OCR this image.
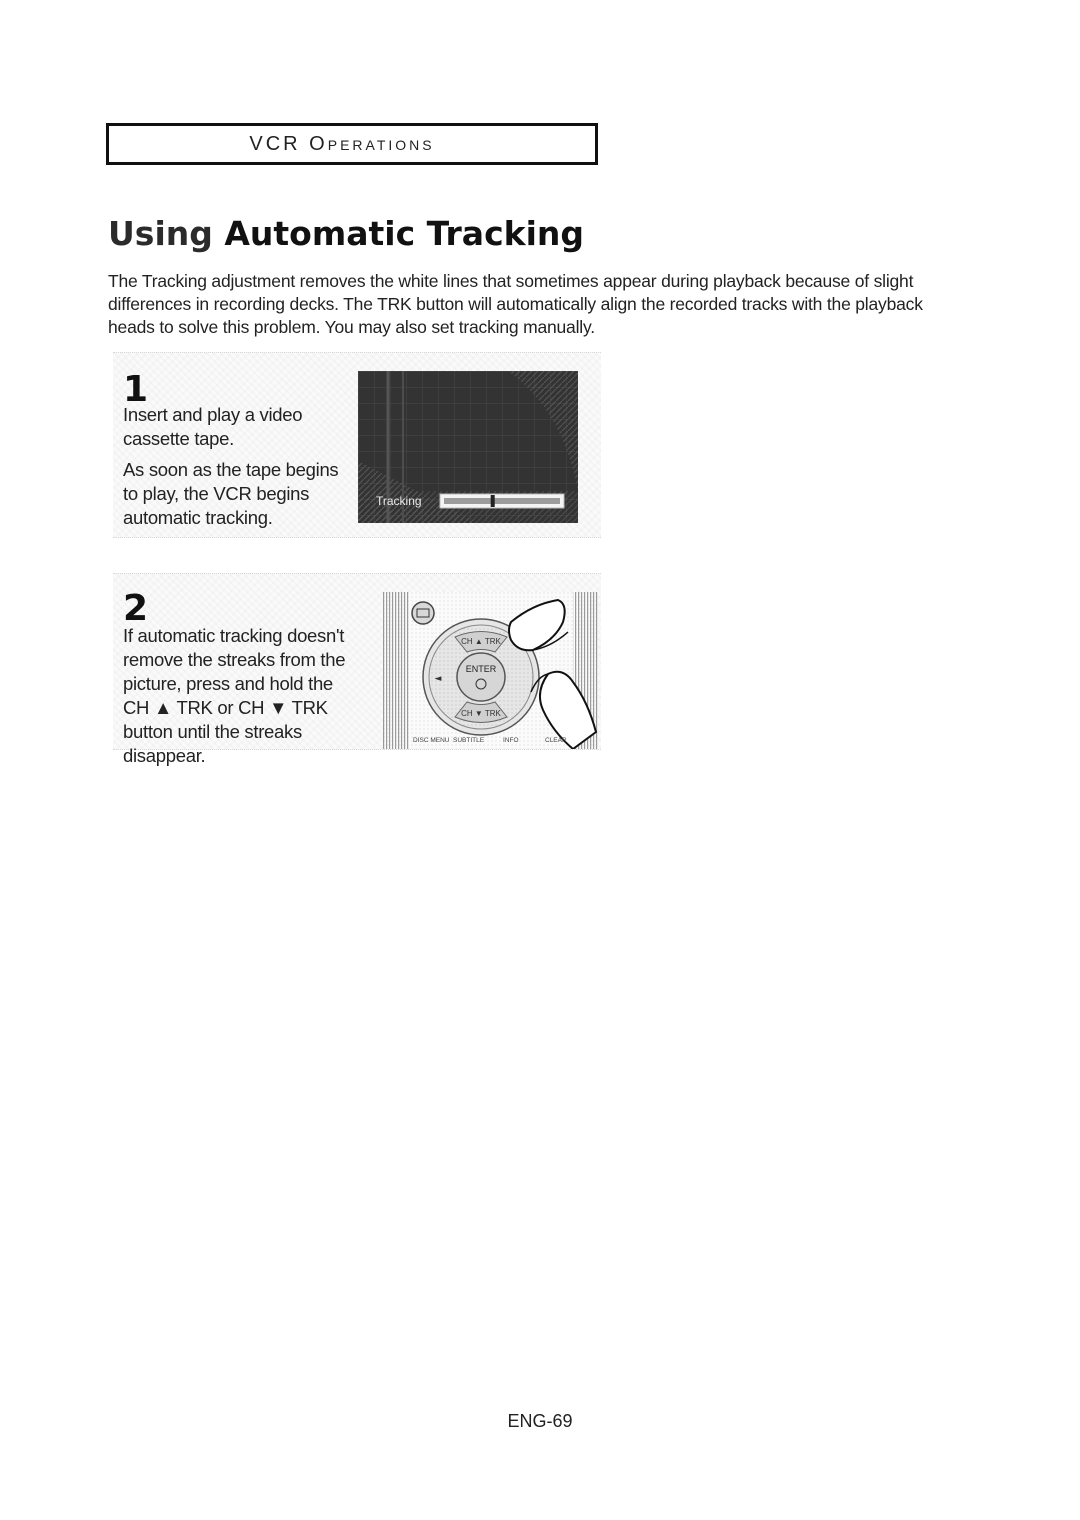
VCR Operations
Using Automatic Tracking

The Tracking adjustment removes the white lines that sometimes appear during playback because of slight
differences in recording decks. The TRK button will automatically align the recorded tracks with the playback
heads to solve this problem. You may also set tracking manually.

1

Insert and play a video
cassette tape.

As soon as the tape begins
to play, the VCR begins
automatic tracking.

Tracking
2

If automatic tracking doesn't
remove the streaks from the
picture, press and hold the
CH ▲ TRK or CH ▼ TRK
button until the streaks
disappear.

CH ▲ TRK
CH ▼ TRK
◄
ENTER
DISC MENU SUBTITLE	INFO	CLEAR
ENG-69
